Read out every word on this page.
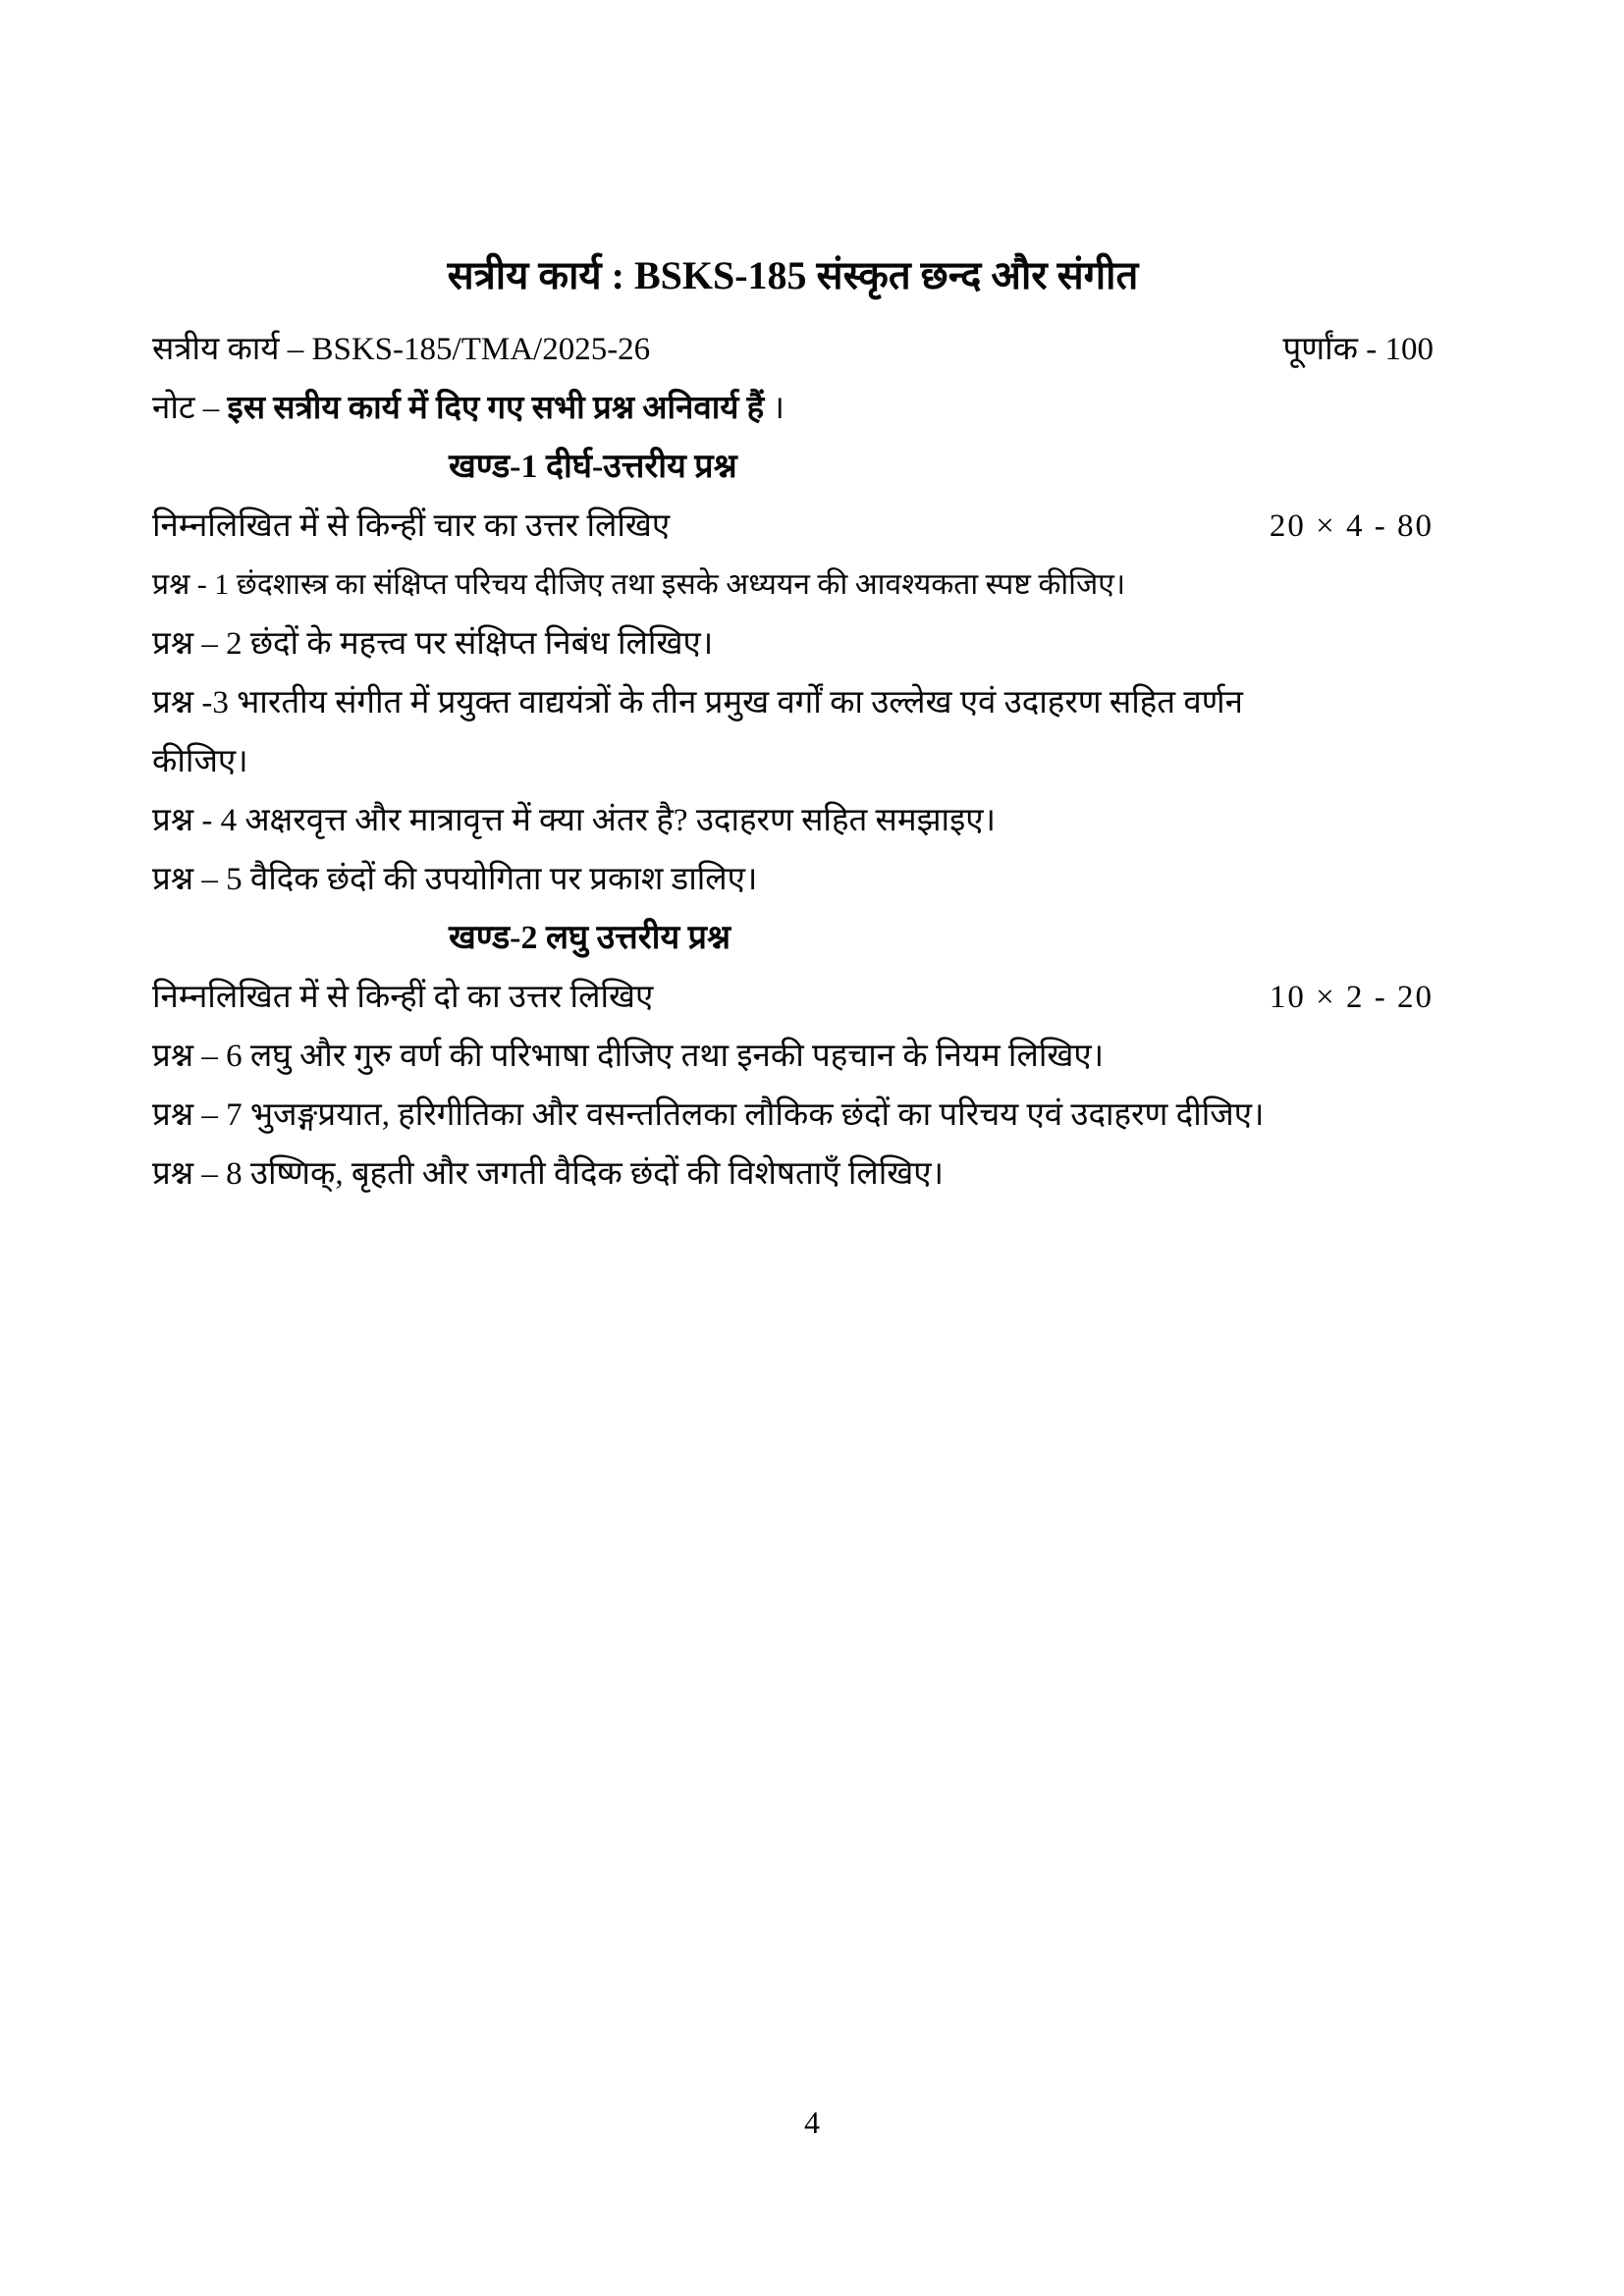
सत्रीय कार्य : BSKS-185 संस्कृत छन्द और संगीत
सत्रीय कार्य – BSKS-185/TMA/2025-26	पूर्णांक - 100
नोट – इस सत्रीय कार्य में दिए गए सभी प्रश्न अनिवार्य हैं ।
खण्ड-1 दीर्घ-उत्तरीय प्रश्न
निम्नलिखित में से किन्हीं चार का उत्तर लिखिए	20 × 4 - 80
प्रश्न - 1 छंदशास्त्र का संक्षिप्त परिचय दीजिए तथा इसके अध्ययन की आवश्यकता स्पष्ट कीजिए।
प्रश्न – 2 छंदों के महत्त्व पर संक्षिप्त निबंध लिखिए।
प्रश्न -3 भारतीय संगीत में प्रयुक्त वाद्ययंत्रों के तीन प्रमुख वर्गों का उल्लेख एवं उदाहरण सहित वर्णन
कीजिए।
प्रश्न - 4 अक्षरवृत्त और मात्रावृत्त में क्या अंतर है? उदाहरण सहित समझाइए।
प्रश्न – 5 वैदिक छंदों की उपयोगिता पर प्रकाश डालिए।
खण्ड-2 लघु उत्तरीय प्रश्न
निम्नलिखित में से किन्हीं दो का उत्तर लिखिए	10 × 2 - 20
प्रश्न – 6 लघु और गुरु वर्ण की परिभाषा दीजिए तथा इनकी पहचान के नियम लिखिए।
प्रश्न – 7 भुजङ्गप्रयात, हरिगीतिका और वसन्ततिलका लौकिक छंदों का परिचय एवं उदाहरण दीजिए।
प्रश्न – 8 उष्णिक्, बृहती और जगती वैदिक छंदों की विशेषताएँ लिखिए।
4
